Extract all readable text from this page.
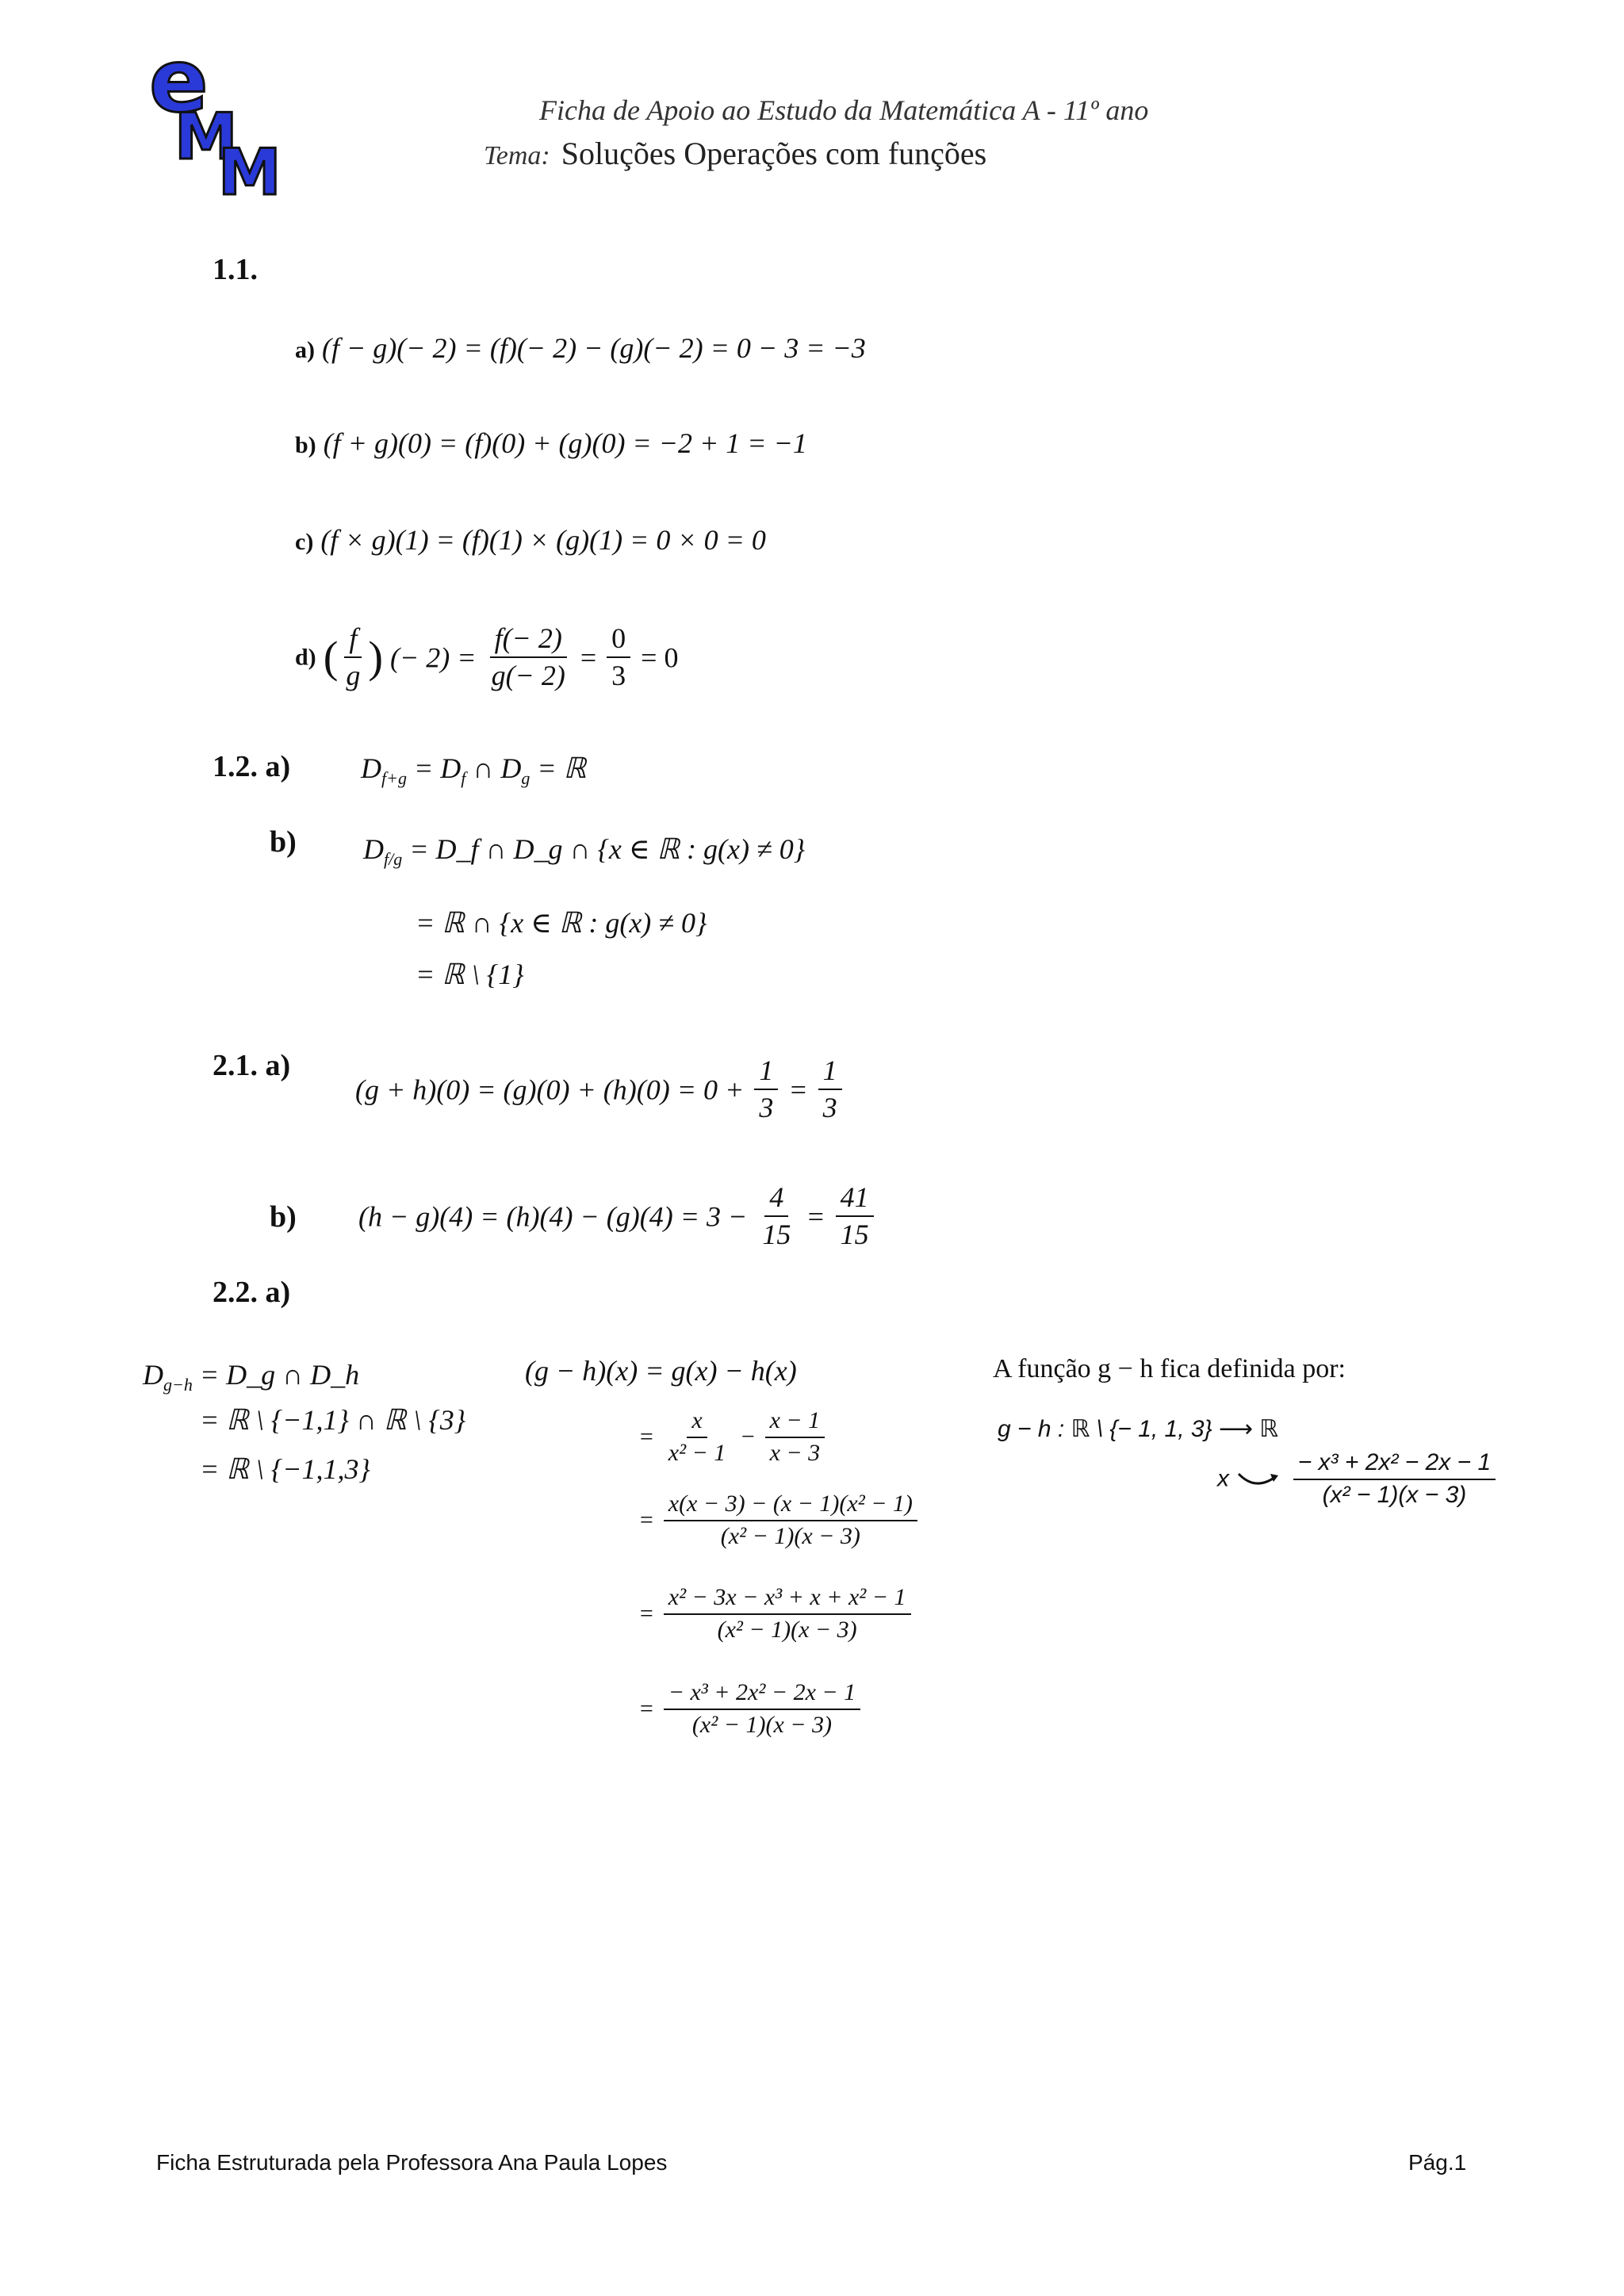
e
M
M
Ficha de Apoio ao Estudo da Matemática A - 11º ano
Tema: Soluções Operações com funções
1.1.
a) (f − g)(− 2) = (f)(− 2) − (g)(− 2) = 0 − 3 = −3
b) (f + g)(0) = (f)(0) + (g)(0) = −2 + 1 = −1
c) (f × g)(1) = (f)(1) × (g)(1) = 0 × 0 = 0
d) ( $\frac{f}{g}$ ) (− $2) = \frac{f(- 2)}{g(- 2)} = \frac{0}{3} = 0$
1.2. a) $D_{f+g} = D_f$ ∩ $D_g$ = ℝ
b) $D_{f/g}$ = D_f ∩ D_g ∩ {x ∈ ℝ : g(x) ≠ 0}
= ℝ ∩ {x ∈ ℝ : g(x) ≠ 0}
= ℝ \ {1}
2.1. a)
$(g + h)(0) = (g)(0) + (h)(0) = 0 + \frac{1}{3} = \frac{1}{3}$
b) $(h - g)(4) = (h)(4) - (g)(4) = 3 - \frac{4}{15} = \frac{41}{15}$
2.2. a)
$D_{g-h}$ = D_g ∩ D_h
= ℝ \ {−1,1} ∩ ℝ \ {3}
= ℝ \ {−1,1,3}
(g − h)(x) = g(x) − h(x)
= $\frac{x}{\text{x² − 1}} - \frac{x - 1}{x - 3}$
= $\frac{\text{x(x − 3) − (x − 1)(x² − 1)}}{\text{(x² − 1)(x − 3)}}$
= $\frac{\text{x² − 3x − x³ + x + x² − 1}}{\text{(x² − 1)(x − 3)}}$
= $\frac{\text{− x³ + 2x² − 2x − 1}}{\text{(x² − 1)(x − 3)}}$
A função g − h fica definida por:
g − h : ℝ \ {− 1, 1, 3} ⟶ ℝ
x	$\frac{\text{− x³ + 2x² − 2x − 1}}{\text{(x² − 1)(x − 3)}}$
Ficha Estruturada pela Professora Ana Paula Lopes	Pág.1
